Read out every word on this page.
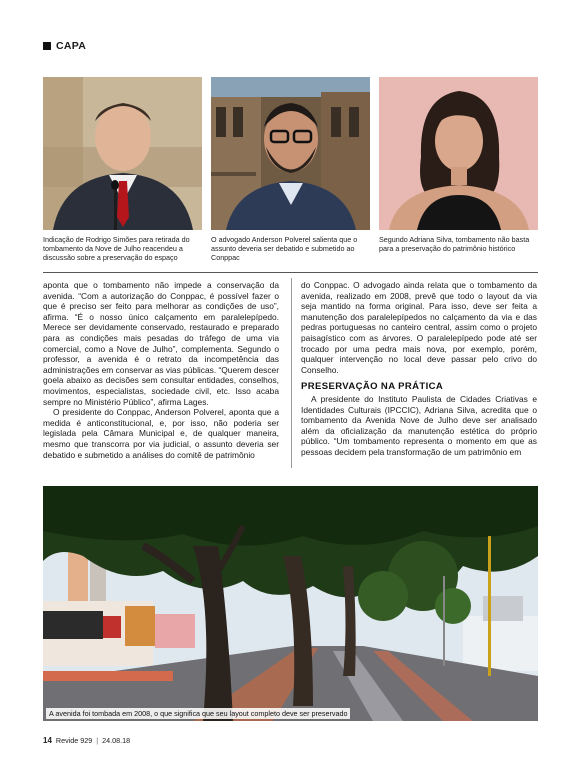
CAPA
Indicação de Rodrigo Simões para retirada do tombamento da Nove de Julho reacendeu a discussão sobre a preservação do espaço
O advogado Anderson Polverel salienta que o assunto deveria ser debatido e submetido ao Conppac
Segundo Adriana Silva, tombamento não basta para a preservação do patrimônio histórico

aponta que o tombamento não impede a conservação da avenida. “Com a autorização do Conppac, é possível fazer o que é preciso ser feito para melhorar as condições de uso”, afirma. “É o nosso único calçamento em paralelepípedo. Merece ser devidamente conservado, restaurado e preparado para as condições mais pesadas do tráfego de uma via comercial, como a Nove de Julho”, complementa. Segundo o professor, a avenida é o retrato da incompetência das administrações em conservar as vias públicas. “Querem descer goela abaixo as decisões sem consultar entidades, conselhos, movimentos, especialistas, sociedade civil, etc. Isso acaba sempre no Ministério Público”, afirma Lages.

O presidente do Conppac, Anderson Polverel, aponta que a medida é anticonstitucional, e, por isso, não poderia ser legislada pela Câmara Municipal e, de qualquer maneira, mesmo que transcorra por via judicial, o assunto deveria ser debatido e submetido a análises do comitê de patrimônio

do Conppac. O advogado ainda relata que o tombamento da avenida, realizado em 2008, prevê que todo o layout da via seja mantido na forma original. Para isso, deve ser feita a manutenção dos paralelepípedos no calçamento da via e das pedras portuguesas no canteiro central, assim como o projeto paisagístico com as árvores. O paralelepípedo pode até ser trocado por uma pedra mais nova, por exemplo, porém, qualquer intervenção no local deve passar pelo crivo do Conselho.

PRESERVAÇÃO NA PRÁTICA

A presidente do Instituto Paulista de Cidades Criativas e Identidades Culturais (IPCCIC), Adriana Silva, acredita que o tombamento da Avenida Nove de Julho deve ser analisado além da oficialização da manutenção estética do próprio público. “Um tombamento representa o momento em que as pessoas decidem pela transformação de um patrimônio em

A avenida foi tombada em 2008, o que significa que seu layout completo deve ser preservado
14 Revide 929 | 24.08.18
